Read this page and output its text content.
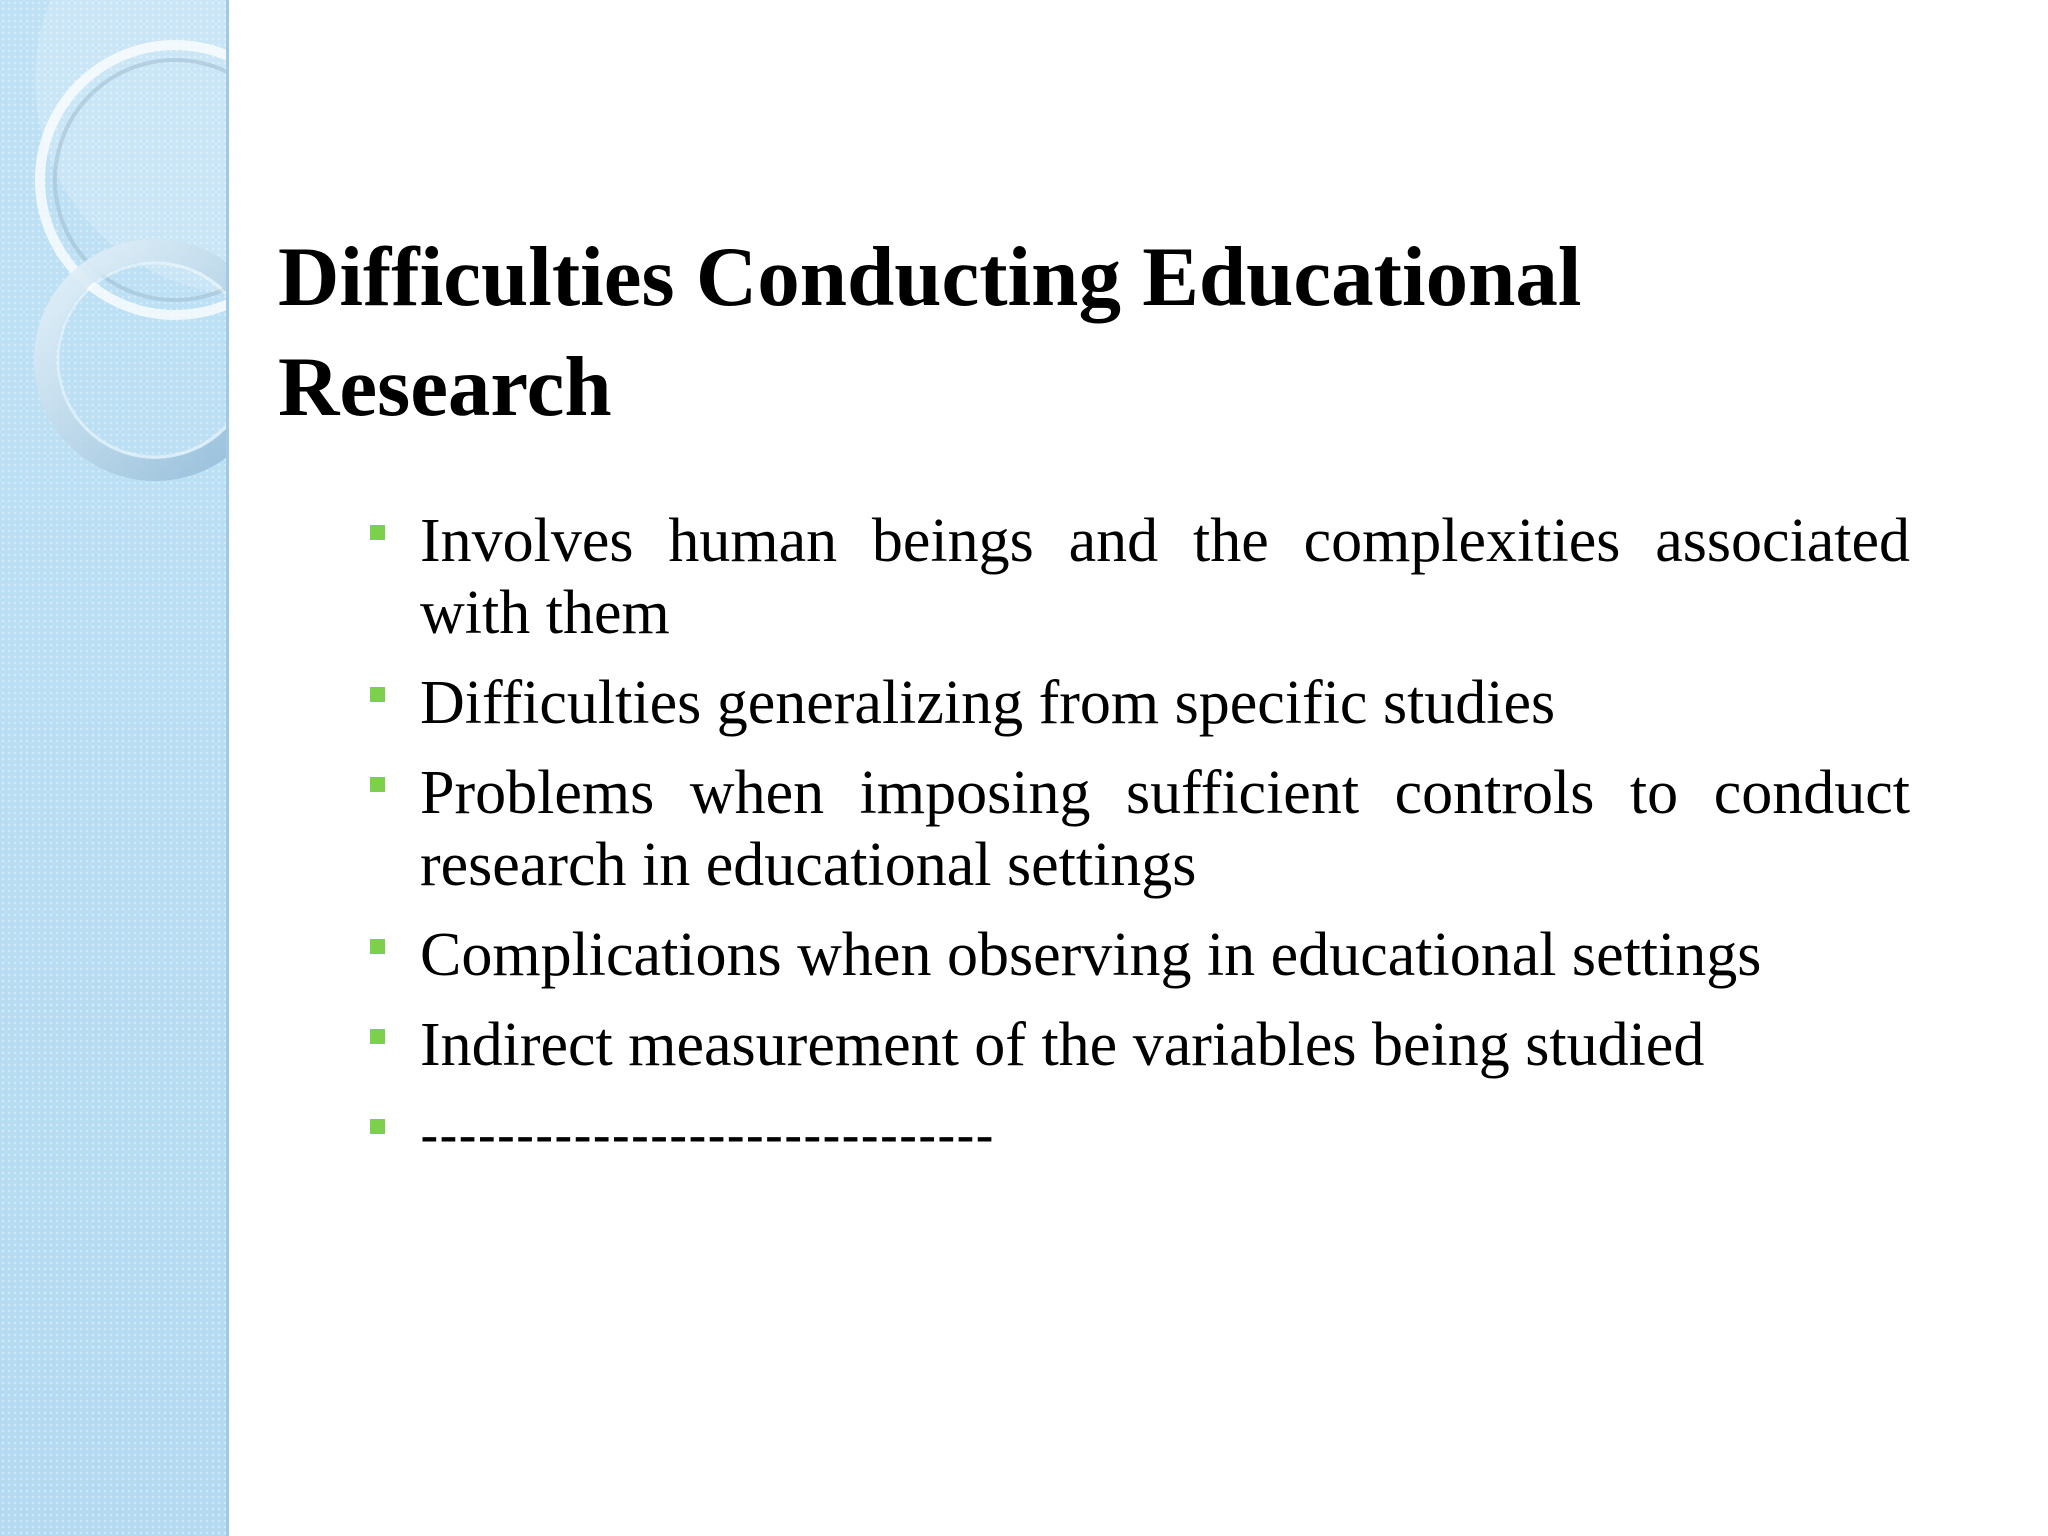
Difficulties Conducting Educational Research
Involves human beings and the complexities associated with them
Difficulties generalizing from specific studies
Problems when imposing sufficient controls to conduct research in educational settings
Complications when observing in educational settings
Indirect measurement of the variables being studied
------------------------------
